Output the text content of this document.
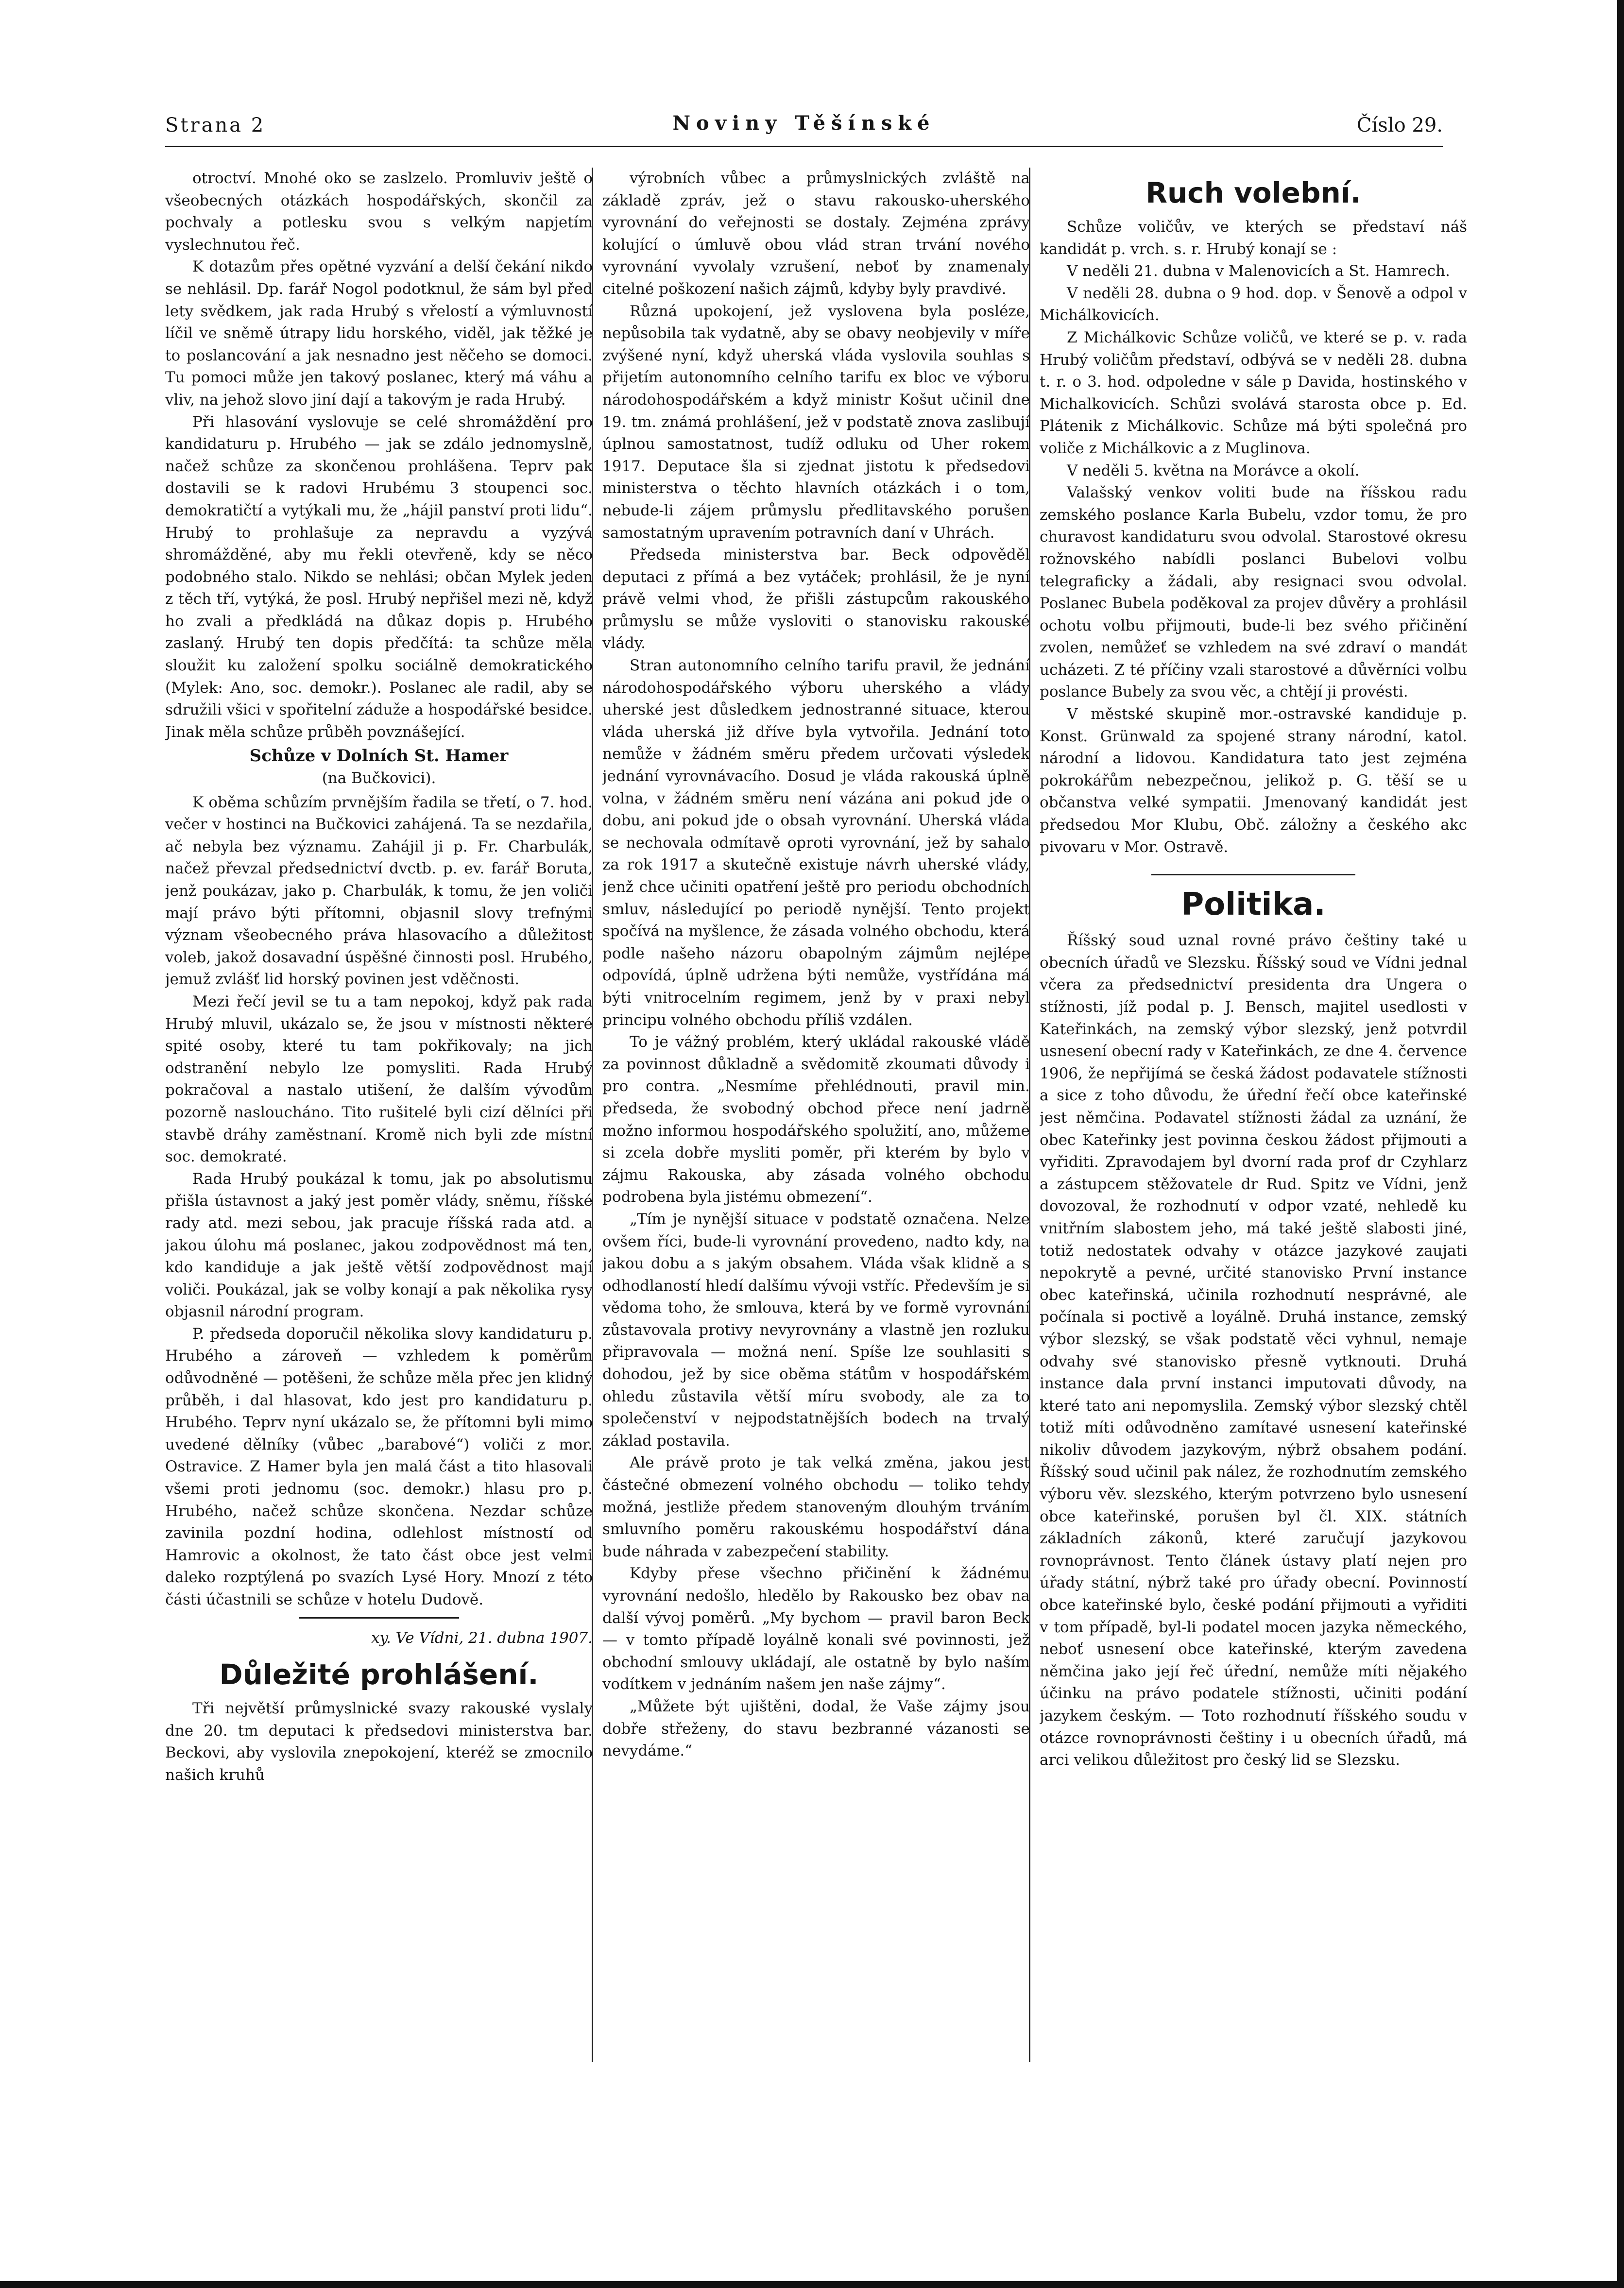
Strana 2	Noviny Těšínské	Číslo 29.

otroctví. Mnohé oko se zaslzelo. Promluviv ještě o všeobecných otázkách hospodářských, skončil za pochvaly a potlesku svou s velkým napjetím vyslechnutou řeč.

K dotazům přes opětné vyzvání a delší čekání nikdo se nehlásil. Dp. farář Nogol podotknul, že sám byl před lety svědkem, jak rada Hrubý s vřelostí a výmluvností líčil ve sněmě útrapy lidu horského, viděl, jak těžké je to poslancování a jak nesnadno jest něčeho se domoci. Tu pomoci může jen takový poslanec, který má váhu a vliv, na jehož slovo jiní dají a takovým je rada Hrubý.

Při hlasování vyslovuje se celé shromáždění pro kandidaturu p. Hrubého — jak se zdálo jednomyslně, načež schůze za skončenou prohlášena. Teprv pak dostavili se k radovi Hrubému 3 stoupenci soc. demokratičtí a vytýkali mu, že „hájil panství proti lidu“. Hrubý to prohlašuje za nepravdu a vyzývá shromážděné, aby mu řekli otevřeně, kdy se něco podobného stalo. Nikdo se nehlási; občan Mylek jeden z těch tří, vytýká, že posl. Hrubý nepřišel mezi ně, když ho zvali a předkládá na důkaz dopis p. Hrubého zaslaný. Hrubý ten dopis předčítá: ta schůze měla sloužit ku založení spolku sociálně demokratického (Mylek: Ano, soc. demokr.). Poslanec ale radil, aby se sdružili všici v spořitelní záduže a hospodářské besidce. Jinak měla schůze průběh povznášející.

Schůze v Dolních St. Hamer

(na Bučkovici).

K oběma schůzím prvnějším řadila se třetí, o 7. hod. večer v hostinci na Bučkovici zahájená. Ta se nezdařila, ač nebyla bez významu. Zahájil ji p. Fr. Charbulák, načež převzal předsednictví dvctb. p. ev. farář Boruta, jenž poukázav, jako p. Charbulák, k tomu, že jen voliči mají právo býti přítomni, objasnil slovy trefnými význam všeobecného práva hlasovacího a důležitost voleb, jakož dosavadní úspěšné činnosti posl. Hrubého, jemuž zvlášť lid horský povinen jest vděčnosti.

Mezi řečí jevil se tu a tam nepokoj, když pak rada Hrubý mluvil, ukázalo se, že jsou v místnosti některé spité osoby, které tu tam pokřikovaly; na jich odstranění nebylo lze pomysliti. Rada Hrubý pokračoval a nastalo utišení, že dalším vývodům pozorně nasloucháno. Tito rušitelé byli cizí dělníci při stavbě dráhy zaměstnaní. Kromě nich byli zde místní soc. demokraté.

Rada Hrubý poukázal k tomu, jak po absolutismu přišla ústavnost a jaký jest poměr vlády, sněmu, říšské rady atd. mezi sebou, jak pracuje říšská rada atd. a jakou úlohu má poslanec, jakou zodpovědnost má ten, kdo kandiduje a jak ještě větší zodpovědnost mají voliči. Poukázal, jak se volby konají a pak několika rysy objasnil národní program.

P. předseda doporučil několika slovy kandidaturu p. Hrubého a zároveň — vzhledem k poměrům odůvodněné — potěšeni, že schůze měla přec jen klidný průběh, i dal hlasovat, kdo jest pro kandidaturu p. Hrubého. Teprv nyní ukázalo se, že přítomni byli mimo uvedené dělníky (vůbec „barabové“) voliči z mor. Ostravice. Z Hamer byla jen malá část a tito hlasovali všemi proti jednomu (soc. demokr.) hlasu pro p. Hrubého, načež schůze skončena. Nezdar schůze zavinila pozdní hodina, odlehlost místností od Hamrovic a okolnost, že tato část obce jest velmi daleko rozptýlená po svazích Lysé Hory. Mnozí z této části účastnili se schůze v hotelu Dudově.

xy. Ve Vídni, 21. dubna 1907.

Důležité prohlášení.

Tři největší průmyslnické svazy rakouské vyslaly dne 20. tm deputaci k předsedovi ministerstva bar. Beckovi, aby vyslovila znepokojení, kteréž se zmocnilo našich kruhů

výrobních vůbec a průmyslnických zvláště na základě zpráv, jež o stavu rakousko-uherského vyrovnání do veřejnosti se dostaly. Zejména zprávy kolující o úmluvě obou vlád stran trvání nového vyrovnání vyvolaly vzrušení, neboť by znamenaly citelné poškození našich zájmů, kdyby byly pravdivé.

Různá upokojení, jež vyslovena byla posléze, nepůsobila tak vydatně, aby se obavy neobjevily v míře zvýšené nyní, když uherská vláda vyslovila souhlas s přijetím autonomního celního tarifu ex bloc ve výboru národohospodářském a když ministr Košut učinil dne 19. tm. známá prohlášení, jež v podstatě znova zaslibují úplnou samostatnost, tudíž odluku od Uher rokem 1917. Deputace šla si zjednat jistotu k předsedovi ministerstva o těchto hlavních otázkách i o tom, nebude-li zájem průmyslu předlitavského porušen samostatným upravením potravních daní v Uhrách.

Předseda ministerstva bar. Beck odpověděl deputaci z přímá a bez vytáček; prohlásil, že je nyní právě velmi vhod, že přišli zástupcům rakouského průmyslu se může vysloviti o stanovisku rakouské vlády.

Stran autonomního celního tarifu pravil, že jednání národohospodářského výboru uherského a vlády uherské jest důsledkem jednostranné situace, kterou vláda uherská již dříve byla vytvořila. Jednání toto nemůže v žádném směru předem určovati výsledek jednání vyrovnávacího. Dosud je vláda rakouská úplně volna, v žádném směru není vázána ani pokud jde o dobu, ani pokud jde o obsah vyrovnání. Uherská vláda se nechovala odmítavě oproti vyrovnání, jež by sahalo za rok 1917 a skutečně existuje návrh uherské vlády, jenž chce učiniti opatření ještě pro periodu obchodních smluv, následující po periodě nynější. Tento projekt spočívá na myšlence, že zásada volného obchodu, která podle našeho názoru obapolným zájmům nejlépe odpovídá, úplně udržena býti nemůže, vystřídána má býti vnitrocelním regimem, jenž by v praxi nebyl principu volného obchodu příliš vzdálen.

To je vážný problém, který ukládal rakouské vládě za povinnost důkladně a svědomitě zkoumati důvody i pro contra. „Nesmíme přehlédnouti, pravil min. předseda, že svobodný obchod přece není jadrně možno informou hospodářského spolužití, ano, můžeme si zcela dobře mysliti poměr, při kterém by bylo v zájmu Rakouska, aby zásada volného obchodu podrobena byla jistému obmezení“.

„Tím je nynější situace v podstatě označena. Nelze ovšem říci, bude-li vyrovnání provedeno, nadto kdy, na jakou dobu a s jakým obsahem. Vláda však klidně a s odhodlaností hledí dalšímu vývoji vstříc. Především je si vědoma toho, že smlouva, která by ve formě vyrovnání zůstavovala protivy nevyrovnány a vlastně jen rozluku připravovala — možná není. Spíše lze souhlasiti s dohodou, jež by sice oběma státům v hospodářském ohledu zůstavila větší míru svobody, ale za to společenství v nejpodstatnějších bodech na trvalý základ postavila.

Ale právě proto je tak velká změna, jakou jest částečné obmezení volného obchodu — toliko tehdy možná, jestliže předem stanoveným dlouhým trváním smluvního poměru rakouskému hospodářství dána bude náhrada v zabezpečení stability.

Kdyby přese všechno přičinění k žádnému vyrovnání nedošlo, hledělo by Rakousko bez obav na další vývoj poměrů. „My bychom — pravil baron Beck — v tomto případě loyálně konali své povinnosti, jež obchodní smlouvy ukládají, ale ostatně by bylo naším vodítkem v jednáním našem jen naše zájmy“.

„Můžete být ujištěni, dodal, že Vaše zájmy jsou dobře střeženy, do stavu bezbranné vázanosti se nevydáme.“

Ruch volební.

Schůze voličův, ve kterých se představí náš kandidát p. vrch. s. r. Hrubý konají se :

V neděli 21. dubna v Malenovicích a St. Hamrech.

V neděli 28. dubna o 9 hod. dop. v Šenově a odpol v Michálkovicích.

Z Michálkovic Schůze voličů, ve které se p. v. rada Hrubý voličům představí, odbývá se v neděli 28. dubna t. r. o 3. hod. odpoledne v sále p Davida, hostinského v Michalkovicích. Schůzi svolává starosta obce p. Ed. Plátenik z Michálkovic. Schůze má býti společná pro voliče z Michálkovic a z Muglinova.

V neděli 5. května na Morávce a okolí.

Valašský venkov voliti bude na říšskou radu zemského poslance Karla Bubelu, vzdor tomu, že pro churavost kandidaturu svou odvolal. Starostové okresu rožnovského nabídli poslanci Bubelovi volbu telegraficky a žádali, aby resignaci svou odvolal. Poslanec Bubela poděkoval za projev důvěry a prohlásil ochotu volbu přijmouti, bude-li bez svého přičinění zvolen, nemůžeť se vzhledem na své zdraví o mandát ucházeti. Z té příčiny vzali starostové a důvěrníci volbu poslance Bubely za svou věc, a chtějí ji provésti.

V městské skupině mor.-ostravské kandiduje p. Konst. Grünwald za spojené strany národní, katol. národní a lidovou. Kandidatura tato jest zejména pokrokářům nebezpečnou, jelikož p. G. těší se u občanstva velké sympatii. Jmenovaný kandidát jest předsedou Mor Klubu, Obč. záložny a českého akc pivovaru v Mor. Ostravě.

Politika.

Říšský soud uznal rovné právo češtiny také u obecních úřadů ve Slezsku. Říšský soud ve Vídni jednal včera za předsednictví presidenta dra Ungera o stížnosti, jíž podal p. J. Bensch, majitel usedlosti v Kateřinkách, na zemský výbor slezský, jenž potvrdil usnesení obecní rady v Kateřinkách, ze dne 4. července 1906, že nepřijímá se česká žádost podavatele stížnosti a sice z toho důvodu, že úřední řečí obce kateřinské jest němčina. Podavatel stížnosti žádal za uznání, že obec Kateřinky jest povinna českou žádost přijmouti a vyřiditi. Zpravodajem byl dvorní rada prof dr Czyhlarz a zástupcem stěžovatele dr Rud. Spitz ve Vídni, jenž dovozoval, že rozhodnutí v odpor vzaté, nehledě ku vnitřním slabostem jeho, má také ještě slabosti jiné, totiž nedostatek odvahy v otázce jazykové zaujati nepokrytě a pevné, určité stanovisko První instance obec kateřinská, učinila rozhodnutí nesprávné, ale počínala si poctivě a loyálně. Druhá instance, zemský výbor slezský, se však podstatě věci vyhnul, nemaje odvahy své stanovisko přesně vytknouti. Druhá instance dala první instanci imputovati důvody, na které tato ani nepomyslila. Zemský výbor slezský chtěl totiž míti odůvodněno zamítavé usnesení kateřinské nikoliv důvodem jazykovým, nýbrž obsahem podání. Říšský soud učinil pak nález, že rozhodnutím zemského výboru věv. slezského, kterým potvrzeno bylo usnesení obce kateřinské, porušen byl čl. XIX. státních základních zákonů, které zaručují jazykovou rovnoprávnost. Tento článek ústavy platí nejen pro úřady státní, nýbrž také pro úřady obecní. Povinností obce kateřinské bylo, české podání přijmouti a vyřiditi v tom případě, byl-li podatel mocen jazyka německého, neboť usnesení obce kateřinské, kterým zavedena němčina jako její řeč úřední, nemůže míti nějakého účinku na právo podatele stížnosti, učiniti podání jazykem českým. — Toto rozhodnutí říšského soudu v otázce rovnoprávnosti češtiny i u obecních úřadů, má arci velikou důležitost pro český lid se Slezsku.
